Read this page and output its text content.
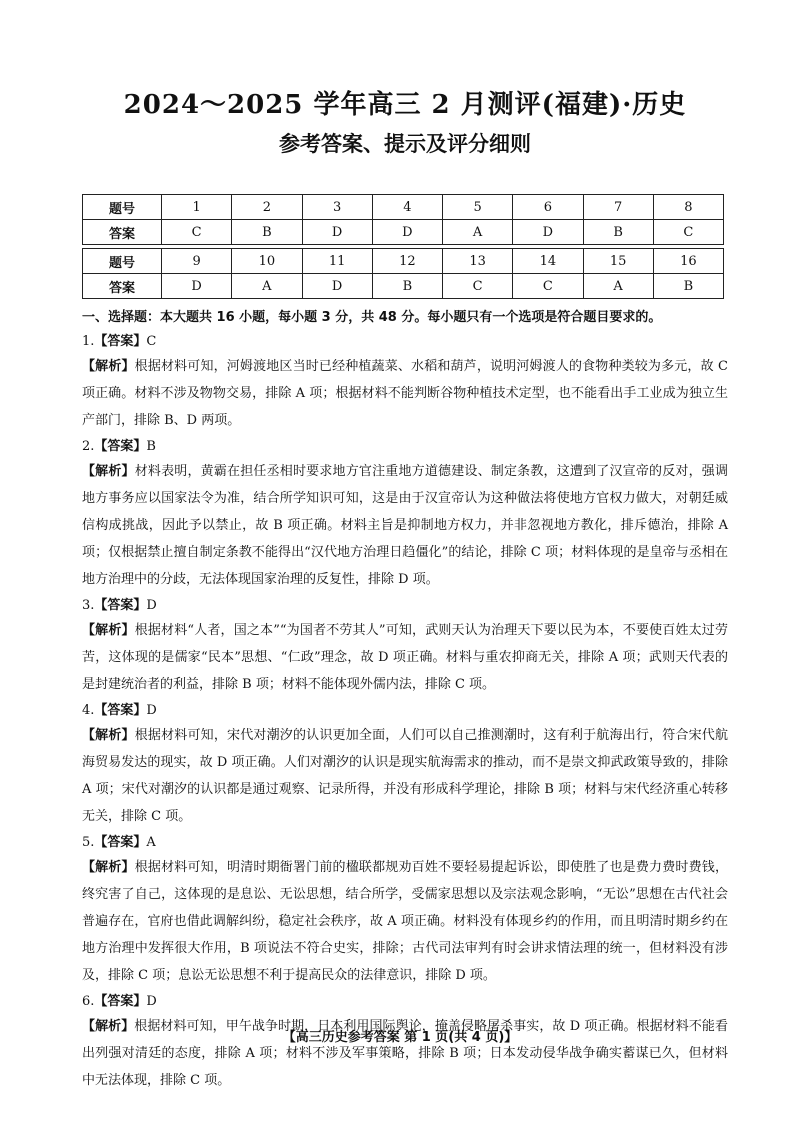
2024～2025 学年高三 2 月测评(福建)·历史
参考答案、提示及评分细则
题号	1	2	3	4	5	6	7	8
答案	C	B	D	D	A	D	B	C

题号	9	10	11	12	13	14	15	16
答案	D	A	D	B	C	C	A	B
一、选择题：本大题共 16 小题，每小题 3 分，共 48 分。每小题只有一个选项是符合题目要求的。
1.【答案】C

【解析】根据材料可知，河姆渡地区当时已经种植蔬菜、水稻和葫芦，说明河姆渡人的食物种类较为多元，故 C 项正确。材料不涉及物物交易，排除 A 项；根据材料不能判断谷物种植技术定型，也不能看出手工业成为独立生产部门，排除 B、D 两项。

2.【答案】B

【解析】材料表明，黄霸在担任丞相时要求地方官注重地方道德建设、制定条教，这遭到了汉宣帝的反对，强调地方事务应以国家法令为准，结合所学知识可知，这是由于汉宣帝认为这种做法将使地方官权力做大，对朝廷威信构成挑战，因此予以禁止，故 B 项正确。材料主旨是抑制地方权力，并非忽视地方教化，排斥德治，排除 A 项；仅根据禁止擅自制定条教不能得出“汉代地方治理日趋僵化”的结论，排除 C 项；材料体现的是皇帝与丞相在地方治理中的分歧，无法体现国家治理的反复性，排除 D 项。

3.【答案】D

【解析】根据材料“人者，国之本”“为国者不劳其人”可知，武则天认为治理天下要以民为本，不要使百姓太过劳苦，这体现的是儒家“民本”思想、“仁政”理念，故 D 项正确。材料与重农抑商无关，排除 A 项；武则天代表的是封建统治者的利益，排除 B 项；材料不能体现外儒内法，排除 C 项。

4.【答案】D

【解析】根据材料可知，宋代对潮汐的认识更加全面，人们可以自己推测潮时，这有利于航海出行，符合宋代航海贸易发达的现实，故 D 项正确。人们对潮汐的认识是现实航海需求的推动，而不是崇文抑武政策导致的，排除 A 项；宋代对潮汐的认识都是通过观察、记录所得，并没有形成科学理论，排除 B 项；材料与宋代经济重心转移无关，排除 C 项。

5.【答案】A

【解析】根据材料可知，明清时期衙署门前的楹联都规劝百姓不要轻易提起诉讼，即使胜了也是费力费时费钱，终究害了自己，这体现的是息讼、无讼思想，结合所学，受儒家思想以及宗法观念影响，“无讼”思想在古代社会普遍存在，官府也借此调解纠纷，稳定社会秩序，故 A 项正确。材料没有体现乡约的作用，而且明清时期乡约在地方治理中发挥很大作用，B 项说法不符合史实，排除；古代司法审判有时会讲求情法理的统一，但材料没有涉及，排除 C 项；息讼无讼思想不利于提高民众的法律意识，排除 D 项。

6.【答案】D

【解析】根据材料可知，甲午战争时期，日本利用国际舆论，掩盖侵略屠杀事实，故 D 项正确。根据材料不能看出列强对清廷的态度，排除 A 项；材料不涉及军事策略，排除 B 项；日本发动侵华战争确实蓄谋已久，但材料中无法体现，排除 C 项。

【高三历史参考答案 第 1 页(共 4 页)】
